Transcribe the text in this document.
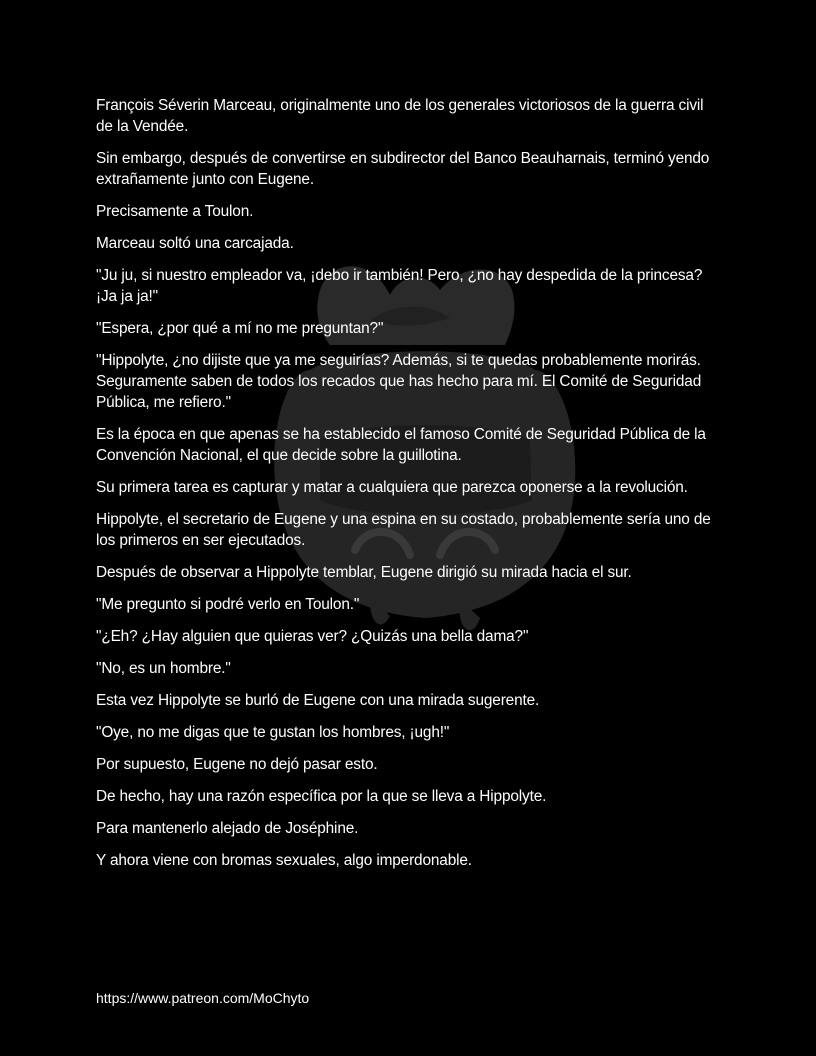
François Séverin Marceau, originalmente uno de los generales victoriosos de la guerra civil de la Vendée.

Sin embargo, después de convertirse en subdirector del Banco Beauharnais, terminó yendo extrañamente junto con Eugene.

Precisamente a Toulon.

Marceau soltó una carcajada.

"Ju ju, si nuestro empleador va, ¡debo ir también! Pero, ¿no hay despedida de la princesa? ¡Ja ja ja!"

"Espera, ¿por qué a mí no me preguntan?"

"Hippolyte, ¿no dijiste que ya me seguirías? Además, si te quedas probablemente morirás. Seguramente saben de todos los recados que has hecho para mí. El Comité de Seguridad Pública, me refiero."

Es la época en que apenas se ha establecido el famoso Comité de Seguridad Pública de la Convención Nacional, el que decide sobre la guillotina.

Su primera tarea es capturar y matar a cualquiera que parezca oponerse a la revolución.

Hippolyte, el secretario de Eugene y una espina en su costado, probablemente sería uno de los primeros en ser ejecutados.

Después de observar a Hippolyte temblar, Eugene dirigió su mirada hacia el sur.

"Me pregunto si podré verlo en Toulon."

"¿Eh? ¿Hay alguien que quieras ver? ¿Quizás una bella dama?"

"No, es un hombre."

Esta vez Hippolyte se burló de Eugene con una mirada sugerente.

"Oye, no me digas que te gustan los hombres, ¡ugh!"

Por supuesto, Eugene no dejó pasar esto.

De hecho, hay una razón específica por la que se lleva a Hippolyte.

Para mantenerlo alejado de Joséphine.

Y ahora viene con bromas sexuales, algo imperdonable.

https://www.patreon.com/MoChyto
